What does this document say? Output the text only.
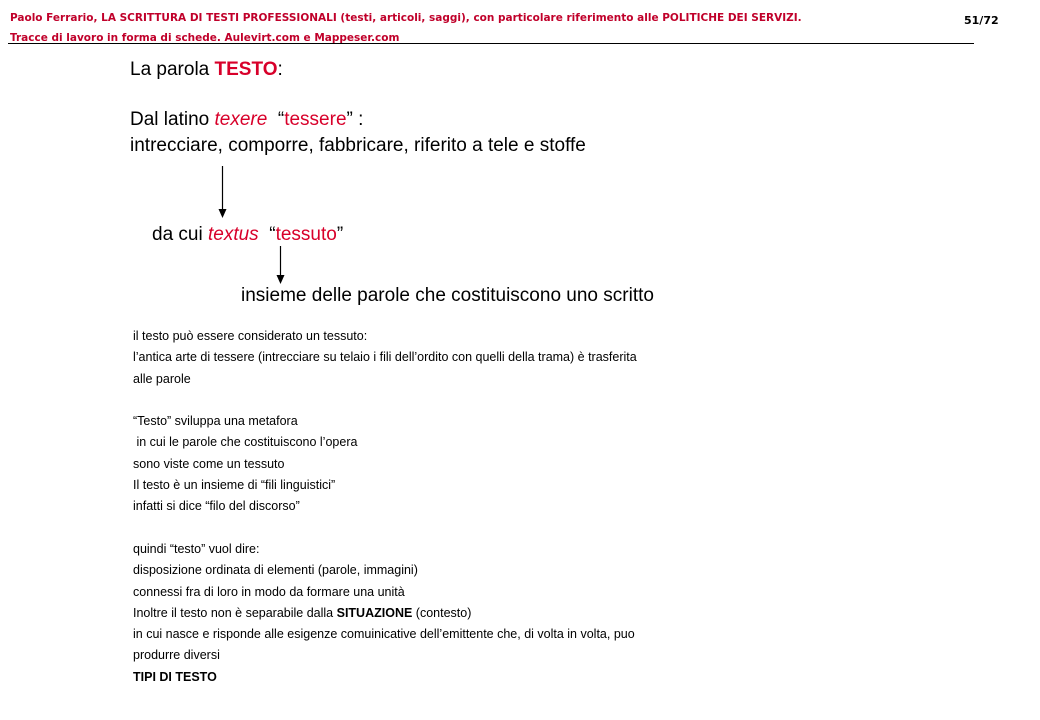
Paolo Ferrario, LA SCRITTURA DI TESTI PROFESSIONALI (testi, articoli, saggi), con particolare riferimento alle POLITICHE DEI SERVIZI.
Tracce di lavoro in forma di schede. Aulevirt.com e Mappeser.com
51/72
La parola TESTO:
Dal latino texere  “tessere” :
intrecciare, comporre, fabbricare, riferito a tele e stoffe
da cui textus  “tessuto”
insieme delle parole che costituiscono uno scritto
il testo può essere considerato un tessuto:
l’antica arte di tessere (intrecciare su telaio i fili dell’ordito con quelli della trama) è trasferita
alle parole
“Testo” sviluppa una metafora
in cui le parole che costituiscono l’opera
sono viste come un tessuto
Il testo è un insieme di “fili linguistici”
infatti si dice “filo del discorso”
quindi “testo” vuol dire:
disposizione ordinata di elementi (parole, immagini)
connessi fra di loro in modo da formare una unità
Inoltre il testo non è separabile dalla SITUAZIONE (contesto)
in cui nasce e risponde alle esigenze comuinicative dell’emittente che, di volta in volta, puo
produrre diversi
TIPI DI TESTO
